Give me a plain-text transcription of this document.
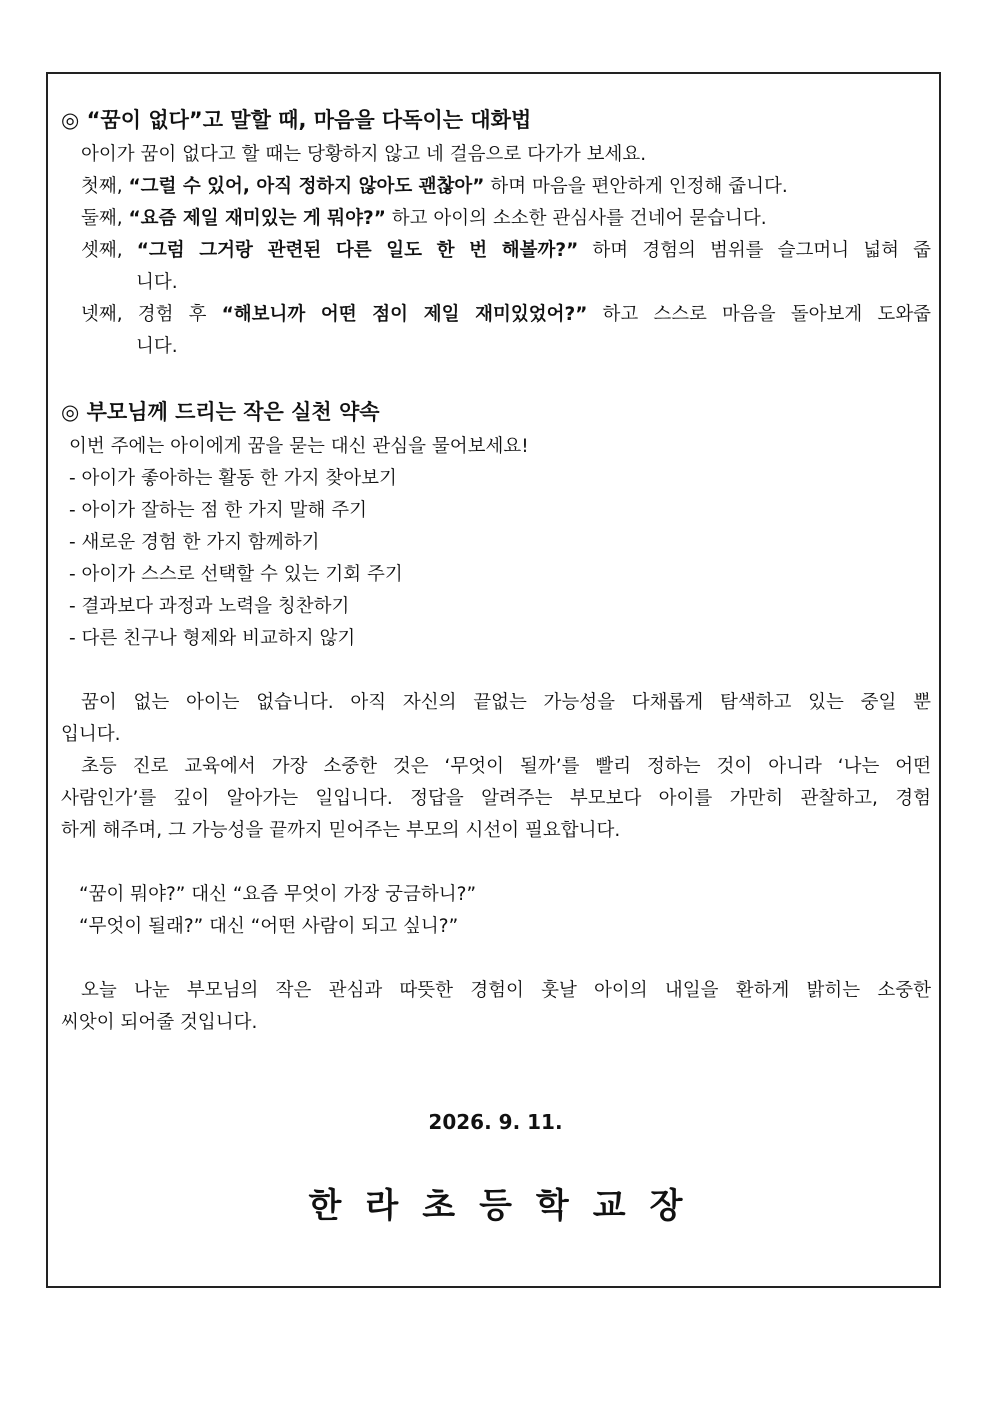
◎ “꿈이 없다”고 말할 때, 마음을 다독이는 대화법
아이가 꿈이 없다고 할 때는 당황하지 않고 네 걸음으로 다가가 보세요.
첫째, “그럴 수 있어, 아직 정하지 않아도 괜찮아” 하며 마음을 편안하게 인정해 줍니다.
둘째, “요즘 제일 재미있는 게 뭐야?” 하고 아이의 소소한 관심사를 건네어 묻습니다.
셋째, “그럼 그거랑 관련된 다른 일도 한 번 해볼까?” 하며 경험의 범위를 슬그머니 넓혀 줍
니다.
넷째, 경험 후 “해보니까 어떤 점이 제일 재미있었어?” 하고 스스로 마음을 돌아보게 도와줍
니다.
◎ 부모님께 드리는 작은 실천 약속
이번 주에는 아이에게 꿈을 묻는 대신 관심을 물어보세요!
- 아이가 좋아하는 활동 한 가지 찾아보기
- 아이가 잘하는 점 한 가지 말해 주기
- 새로운 경험 한 가지 함께하기
- 아이가 스스로 선택할 수 있는 기회 주기
- 결과보다 과정과 노력을 칭찬하기
- 다른 친구나 형제와 비교하지 않기
꿈이 없는 아이는 없습니다. 아직 자신의 끝없는 가능성을 다채롭게 탐색하고 있는 중일 뿐
입니다.
초등 진로 교육에서 가장 소중한 것은 ‘무엇이 될까’를 빨리 정하는 것이 아니라 ‘나는 어떤
사람인가’를 깊이 알아가는 일입니다. 정답을 알려주는 부모보다 아이를 가만히 관찰하고, 경험
하게 해주며, 그 가능성을 끝까지 믿어주는 부모의 시선이 필요합니다.
“꿈이 뭐야?” 대신 “요즘 무엇이 가장 궁금하니?”
“무엇이 될래?” 대신 “어떤 사람이 되고 싶니?”
오늘 나눈 부모님의 작은 관심과 따뜻한 경험이 훗날 아이의 내일을 환하게 밝히는 소중한
씨앗이 되어줄 것입니다.
2026. 9. 11.
한라초등학교장
